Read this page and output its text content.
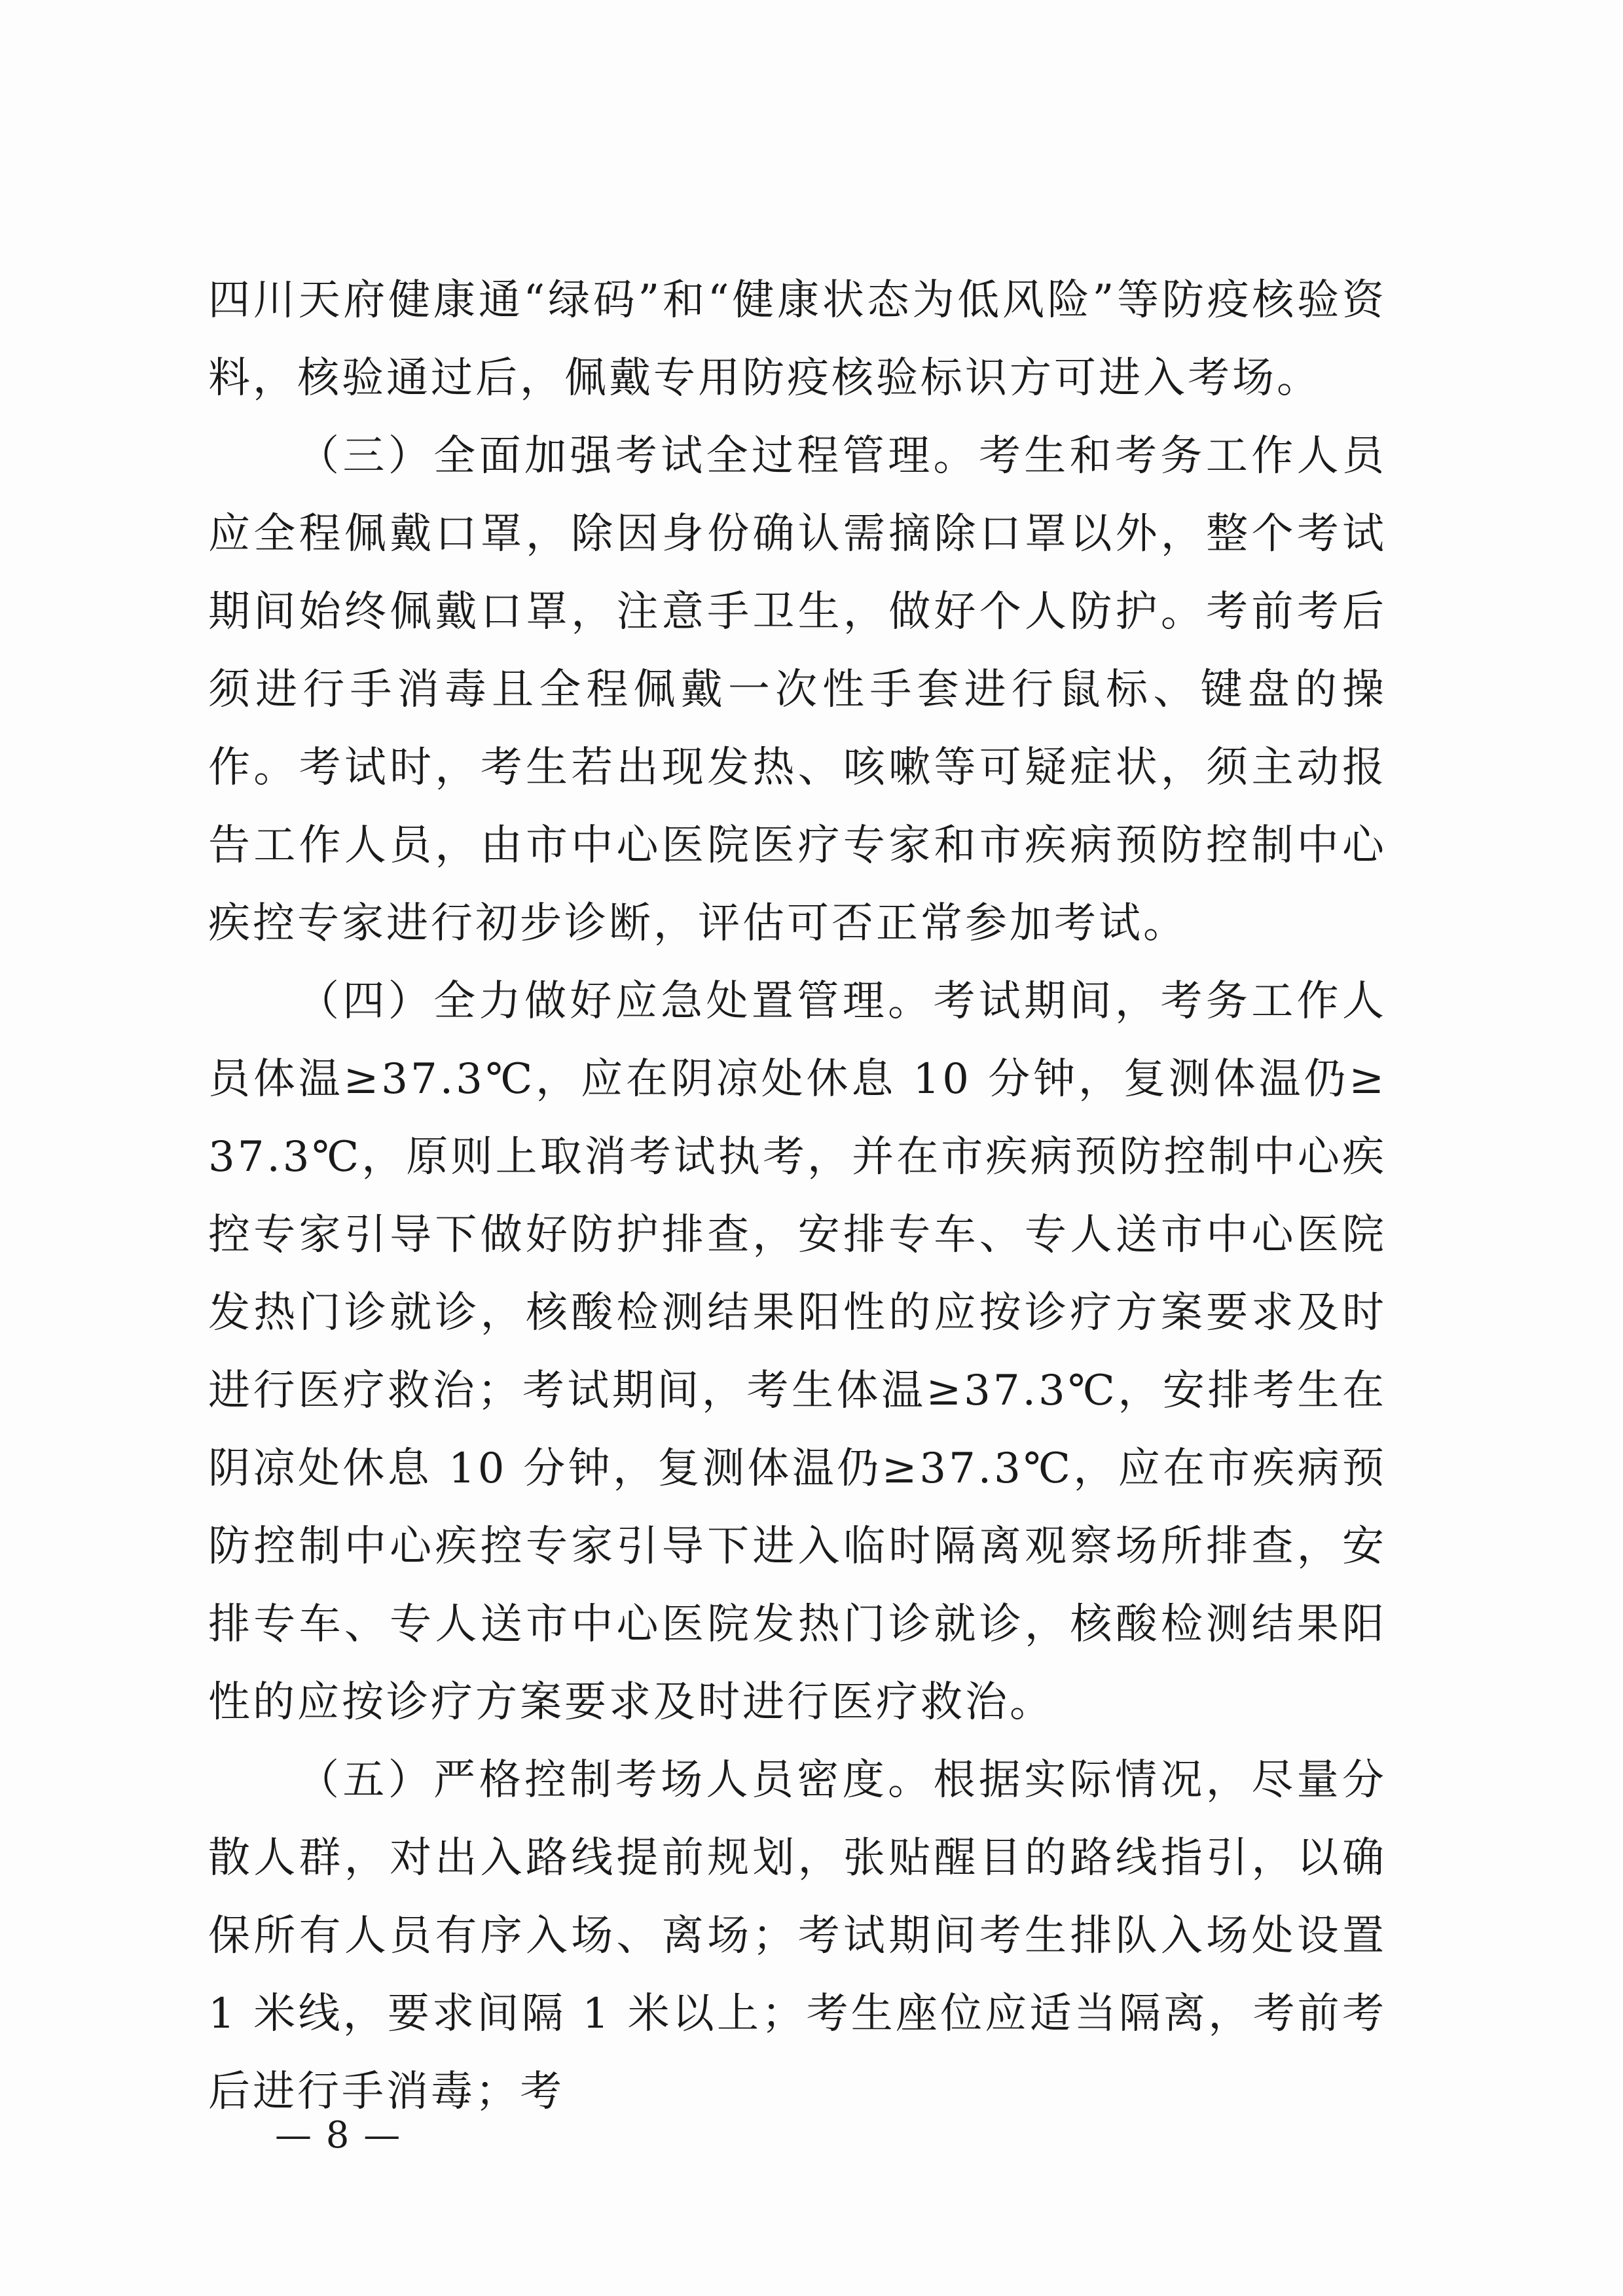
四川天府健康通“绿码”和“健康状态为低风险”等防疫核验资料，核验通过后，佩戴专用防疫核验标识方可进入考场。

（三）全面加强考试全过程管理。考生和考务工作人员应全程佩戴口罩，除因身份确认需摘除口罩以外，整个考试期间始终佩戴口罩，注意手卫生，做好个人防护。考前考后须进行手消毒且全程佩戴一次性手套进行鼠标、键盘的操作。考试时，考生若出现发热、咳嗽等可疑症状，须主动报告工作人员，由市中心医院医疗专家和市疾病预防控制中心疾控专家进行初步诊断，评估可否正常参加考试。

（四）全力做好应急处置管理。考试期间，考务工作人员体温≥37.3℃，应在阴凉处休息 10 分钟，复测体温仍≥37.3℃，原则上取消考试执考，并在市疾病预防控制中心疾控专家引导下做好防护排查，安排专车、专人送市中心医院发热门诊就诊，核酸检测结果阳性的应按诊疗方案要求及时进行医疗救治；考试期间，考生体温≥37.3℃，安排考生在阴凉处休息 10 分钟，复测体温仍≥37.3℃，应在市疾病预防控制中心疾控专家引导下进入临时隔离观察场所排查，安排专车、专人送市中心医院发热门诊就诊，核酸检测结果阳性的应按诊疗方案要求及时进行医疗救治。

（五）严格控制考场人员密度。根据实际情况，尽量分散人群，对出入路线提前规划，张贴醒目的路线指引，以确保所有人员有序入场、离场；考试期间考生排队入场处设置 1 米线，要求间隔 1 米以上；考生座位应适当隔离，考前考后进行手消毒；考

— 8 —
